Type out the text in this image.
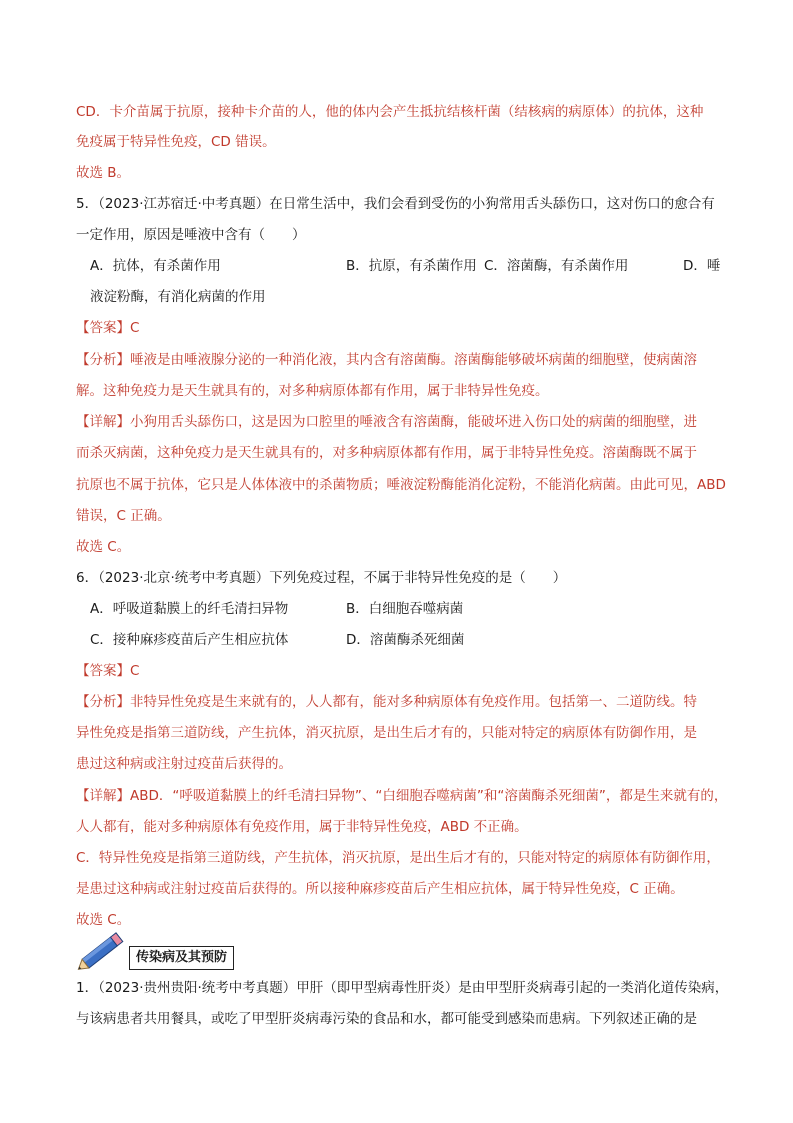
CD．卡介苗属于抗原，接种卡介苗的人，他的体内会产生抵抗结核杆菌（结核病的病原体）的抗体，这种
免疫属于特异性免疫，CD 错误。
故选 B。
5．（2023·江苏宿迁·中考真题）在日常生活中，我们会看到受伤的小狗常用舌头舔伤口，这对伤口的愈合有
一定作用，原因是唾液中含有（　　）
A．抗体，有杀菌作用	B．抗原，有杀菌作用 C．溶菌酶，有杀菌作用	D．唾
液淀粉酶，有消化病菌的作用
【答案】C
【分析】唾液是由唾液腺分泌的一种消化液，其内含有溶菌酶。溶菌酶能够破坏病菌的细胞壁，使病菌溶
解。这种免疫力是天生就具有的，对多种病原体都有作用，属于非特异性免疫。
【详解】小狗用舌头舔伤口，这是因为口腔里的唾液含有溶菌酶，能破坏进入伤口处的病菌的细胞壁，进
而杀灭病菌，这种免疫力是天生就具有的，对多种病原体都有作用，属于非特异性免疫。溶菌酶既不属于
抗原也不属于抗体，它只是人体体液中的杀菌物质；唾液淀粉酶能消化淀粉，不能消化病菌。由此可见，ABD
错误，C 正确。
故选 C。
6．（2023·北京·统考中考真题）下列免疫过程，不属于非特异性免疫的是（　　）
A．呼吸道黏膜上的纤毛清扫异物	B．白细胞吞噬病菌
C．接种麻疹疫苗后产生相应抗体	D．溶菌酶杀死细菌
【答案】C
【分析】非特异性免疫是生来就有的，人人都有，能对多种病原体有免疫作用。包括第一、二道防线。特
异性免疫是指第三道防线，产生抗体，消灭抗原，是出生后才有的，只能对特定的病原体有防御作用，是
患过这种病或注射过疫苗后获得的。
【详解】ABD．“呼吸道黏膜上的纤毛清扫异物”、“白细胞吞噬病菌”和“溶菌酶杀死细菌”，都是生来就有的，
人人都有，能对多种病原体有免疫作用，属于非特异性免疫，ABD 不正确。
C．特异性免疫是指第三道防线，产生抗体，消灭抗原，是出生后才有的，只能对特定的病原体有防御作用，
是患过这种病或注射过疫苗后获得的。所以接种麻疹疫苗后产生相应抗体，属于特异性免疫，C 正确。
故选 C。
传染病及其预防
1．（2023·贵州贵阳·统考中考真题）甲肝（即甲型病毒性肝炎）是由甲型肝炎病毒引起的一类消化道传染病，
与该病患者共用餐具，或吃了甲型肝炎病毒污染的食品和水，都可能受到感染而患病。下列叙述正确的是
